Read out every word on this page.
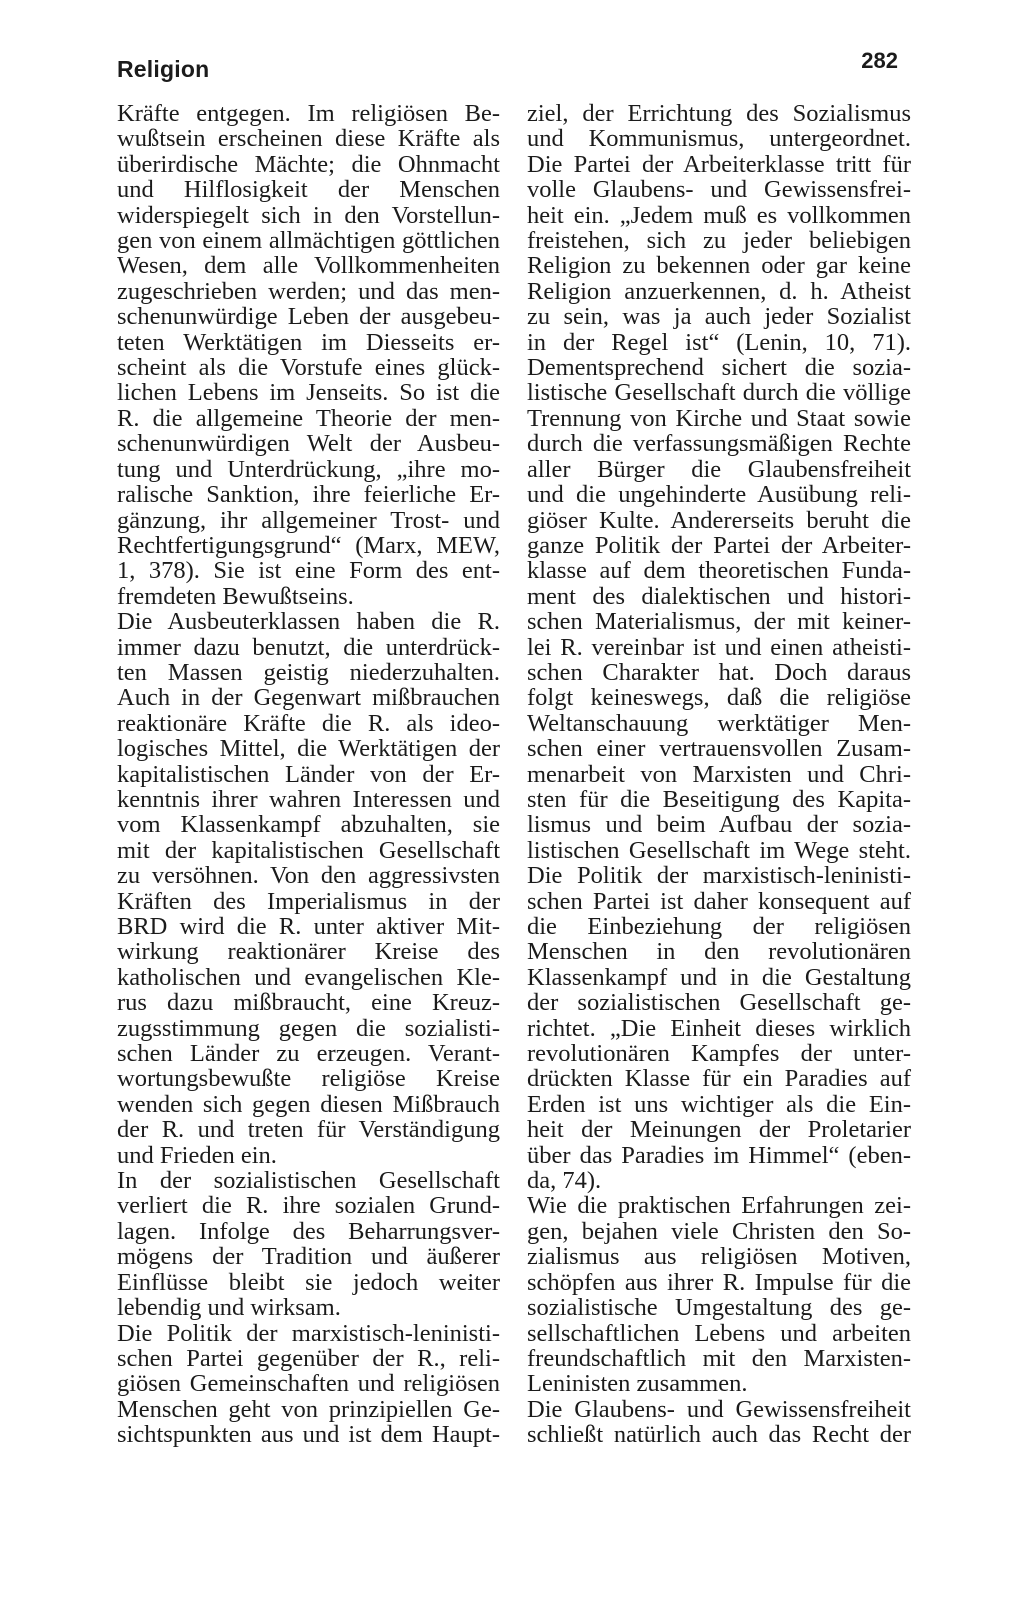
Religion	282
Kräfte entgegen. Im religiösen Be-
wußtsein erscheinen diese Kräfte als
überirdische Mächte; die Ohnmacht
und Hilflosigkeit der Menschen
widerspiegelt sich in den Vorstellun-
gen von einem allmächtigen göttlichen
Wesen, dem alle Vollkommenheiten
zugeschrieben werden; und das men-
schenunwürdige Leben der ausgebeu-
teten Werktätigen im Diesseits er-
scheint als die Vorstufe eines glück-
lichen Lebens im Jenseits. So ist die
R. die allgemeine Theorie der men-
schenunwürdigen Welt der Ausbeu-
tung und Unterdrückung, „ihre mo-
ralische Sanktion, ihre feierliche Er-
gänzung, ihr allgemeiner Trost- und
Rechtfertigungsgrund“ (Marx, MEW,
1, 378). Sie ist eine Form des ent-
fremdeten Bewußtseins.
Die Ausbeuterklassen haben die R.
immer dazu benutzt, die unterdrück-
ten Massen geistig niederzuhalten.
Auch in der Gegenwart mißbrauchen
reaktionäre Kräfte die R. als ideo-
logisches Mittel, die Werktätigen der
kapitalistischen Länder von der Er-
kenntnis ihrer wahren Interessen und
vom Klassenkampf abzuhalten, sie
mit der kapitalistischen Gesellschaft
zu versöhnen. Von den aggressivsten
Kräften des Imperialismus in der
BRD wird die R. unter aktiver Mit-
wirkung reaktionärer Kreise des
katholischen und evangelischen Kle-
rus dazu mißbraucht, eine Kreuz-
zugsstimmung gegen die sozialisti-
schen Länder zu erzeugen. Verant-
wortungsbewußte religiöse Kreise
wenden sich gegen diesen Mißbrauch
der R. und treten für Verständigung
und Frieden ein.
In der sozialistischen Gesellschaft
verliert die R. ihre sozialen Grund-
lagen. Infolge des Beharrungsver-
mögens der Tradition und äußerer
Einflüsse bleibt sie jedoch weiter
lebendig und wirksam.
Die Politik der marxistisch-leninisti-
schen Partei gegenüber der R., reli-
giösen Gemeinschaften und religiösen
Menschen geht von prinzipiellen Ge-
sichtspunkten aus und ist dem Haupt-
ziel, der Errichtung des Sozialismus
und Kommunismus, untergeordnet.
Die Partei der Arbeiterklasse tritt für
volle Glaubens- und Gewissensfrei-
heit ein. „Jedem muß es vollkommen
freistehen, sich zu jeder beliebigen
Religion zu bekennen oder gar keine
Religion anzuerkennen, d. h. Atheist
zu sein, was ja auch jeder Sozialist
in der Regel ist“ (Lenin, 10, 71).
Dementsprechend sichert die sozia-
listische Gesellschaft durch die völlige
Trennung von Kirche und Staat sowie
durch die verfassungsmäßigen Rechte
aller Bürger die Glaubensfreiheit
und die ungehinderte Ausübung reli-
giöser Kulte. Andererseits beruht die
ganze Politik der Partei der Arbeiter-
klasse auf dem theoretischen Funda-
ment des dialektischen und histori-
schen Materialismus, der mit keiner-
lei R. vereinbar ist und einen atheisti-
schen Charakter hat. Doch daraus
folgt keineswegs, daß die religiöse
Weltanschauung werktätiger Men-
schen einer vertrauensvollen Zusam-
menarbeit von Marxisten und Chri-
sten für die Beseitigung des Kapita-
lismus und beim Aufbau der sozia-
listischen Gesellschaft im Wege steht.
Die Politik der marxistisch-leninisti-
schen Partei ist daher konsequent auf
die Einbeziehung der religiösen
Menschen in den revolutionären
Klassenkampf und in die Gestaltung
der sozialistischen Gesellschaft ge-
richtet. „Die Einheit dieses wirklich
revolutionären Kampfes der unter-
drückten Klasse für ein Paradies auf
Erden ist uns wichtiger als die Ein-
heit der Meinungen der Proletarier
über das Paradies im Himmel“ (eben-
da, 74).
Wie die praktischen Erfahrungen zei-
gen, bejahen viele Christen den So-
zialismus aus religiösen Motiven,
schöpfen aus ihrer R. Impulse für die
sozialistische Umgestaltung des ge-
sellschaftlichen Lebens und arbeiten
freundschaftlich mit den Marxisten-
Leninisten zusammen.
Die Glaubens- und Gewissensfreiheit
schließt natürlich auch das Recht der
